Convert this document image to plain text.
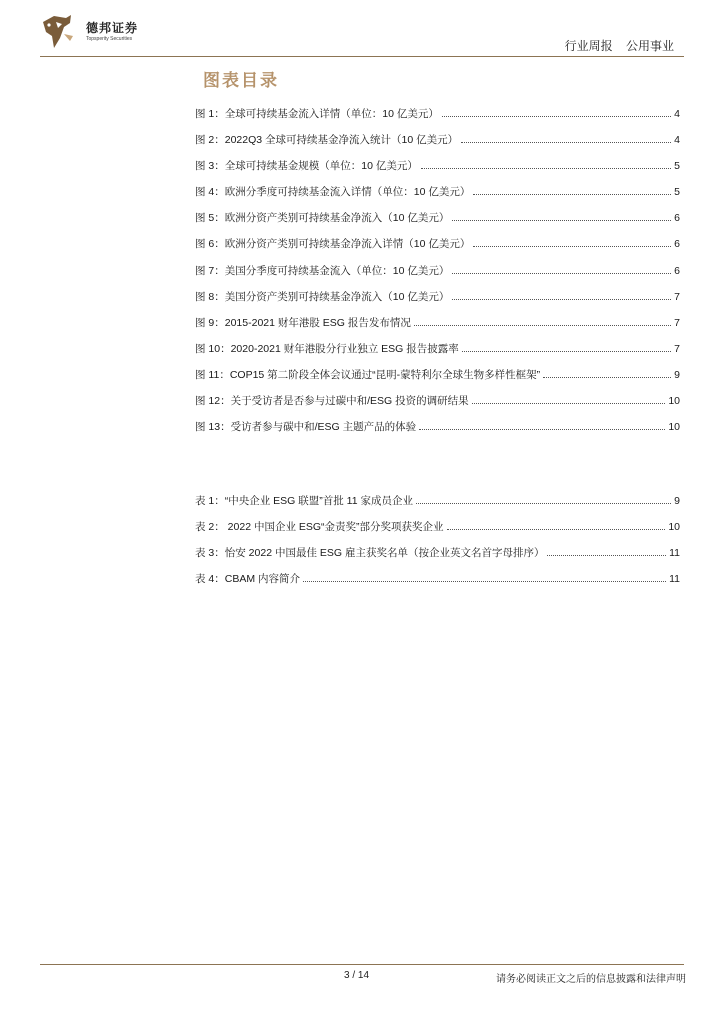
德邦证券
Topsperity Securities	行业周报 公用事业
图表目录
图 1：全球可持续基金流入详情（单位：10 亿美元）	4
图 2：2022Q3 全球可持续基金净流入统计（10 亿美元）	4
图 3：全球可持续基金规模（单位：10 亿美元）	5
图 4：欧洲分季度可持续基金流入详情（单位：10 亿美元）	5
图 5：欧洲分资产类别可持续基金净流入（10 亿美元）	6
图 6：欧洲分资产类别可持续基金净流入详情（10 亿美元）	6
图 7：美国分季度可持续基金流入（单位：10 亿美元）	6
图 8：美国分资产类别可持续基金净流入（10 亿美元）	7
图 9：2015-2021 财年港股 ESG 报告发布情况	7
图 10：2020-2021 财年港股分行业独立 ESG 报告披露率	7
图 11：COP15 第二阶段全体会议通过“昆明-蒙特利尔全球生物多样性框架”	9
图 12：关于受访者是否参与过碳中和/ESG 投资的调研结果	10
图 13：受访者参与碳中和/ESG 主题产品的体验	10
表 1：“中央企业 ESG 联盟”首批 11 家成员企业	9
表 2： 2022 中国企业 ESG“金责奖”部分奖项获奖企业	10
表 3：怡安 2022 中国最佳 ESG 雇主获奖名单（按企业英文名首字母排序）	11
表 4：CBAM 内容简介	11
3 / 14	请务必阅读正文之后的信息披露和法律声明
